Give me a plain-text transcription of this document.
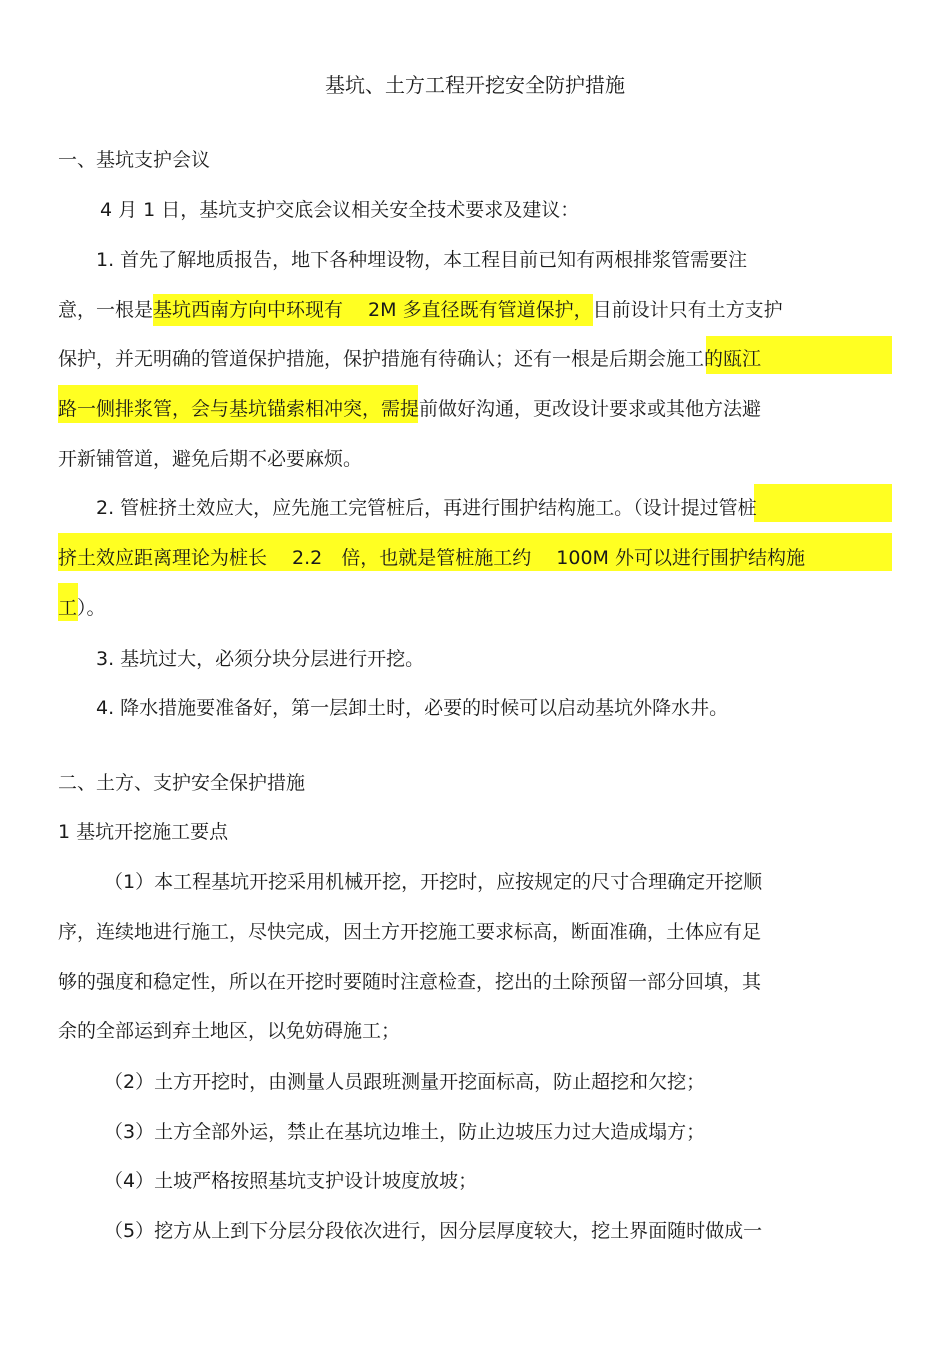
基坑、土方工程开挖安全防护措施
一、基坑支护会议
4 月 1 日，基坑支护交底会议相关安全技术要求及建议：
1. 首先了解地质报告，地下各种埋设物，本工程目前已知有两根排浆管需要注
意，一根是基坑西南方向中环现有　 2M 多直径既有管道保护，目前设计只有土方支护
保护，并无明确的管道保护措施，保护措施有待确认；还有一根是后期会施工的瓯江
路一侧排浆管，会与基坑锚索相冲突，需提前做好沟通，更改设计要求或其他方法避
开新铺管道，避免后期不必要麻烦。
2. 管桩挤土效应大，应先施工完管桩后，再进行围护结构施工。（设计提过管桩
挤土效应距离理论为桩长　 2.2　倍，也就是管桩施工约　 100M 外可以进行围护结构施
工）。
3. 基坑过大，必须分块分层进行开挖。
4. 降水措施要准备好，第一层卸土时，必要的时候可以启动基坑外降水井。
二、土方、支护安全保护措施
1 基坑开挖施工要点
（1）本工程基坑开挖采用机械开挖，开挖时，应按规定的尺寸合理确定开挖顺
序，连续地进行施工，尽快完成，因土方开挖施工要求标高，断面准确，土体应有足
够的强度和稳定性，所以在开挖时要随时注意检查，挖出的土除预留一部分回填，其
余的全部运到弃土地区，以免妨碍施工；
（2）土方开挖时，由测量人员跟班测量开挖面标高，防止超挖和欠挖；
（3）土方全部外运，禁止在基坑边堆土，防止边坡压力过大造成塌方；
（4）土坡严格按照基坑支护设计坡度放坡；
（5）挖方从上到下分层分段依次进行，因分层厚度较大，挖土界面随时做成一
